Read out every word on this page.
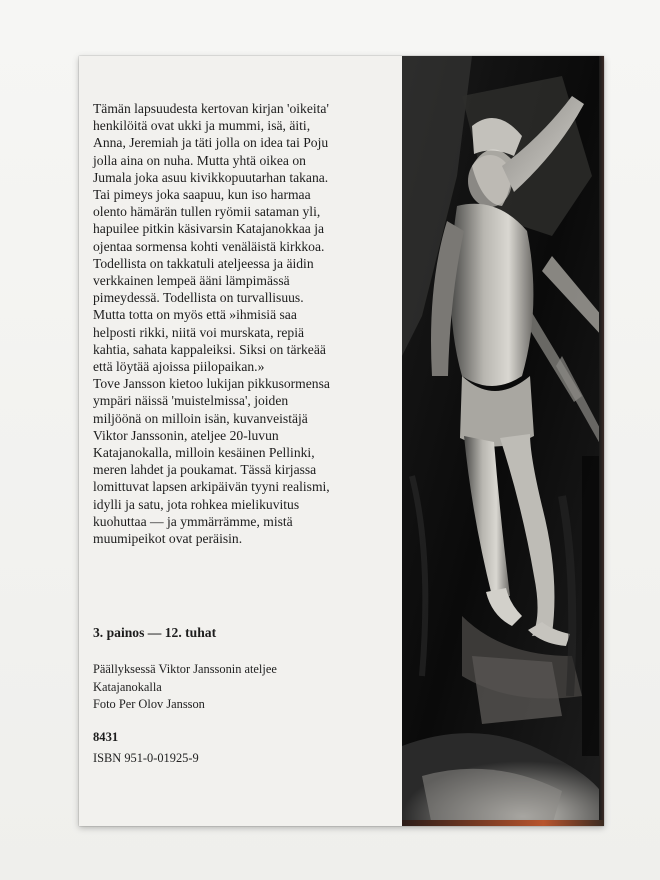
Tämän lapsuudesta kertovan kirjan 'oikeita'
henkilöitä ovat ukki ja mummi, isä, äiti,
Anna, Jeremiah ja täti jolla on idea tai Poju
jolla aina on nuha. Mutta yhtä oikea on
Jumala joka asuu kivikkopuutarhan takana.
Tai pimeys joka saapuu, kun iso harmaa
olento hämärän tullen ryömii sataman yli,
hapuilee pitkin käsivarsin Katajanokkaa ja
ojentaa sormensa kohti venäläistä kirkkoa.
Todellista on takkatuli ateljeessa ja äidin
verkkainen lempeä ääni lämpimässä
pimeydessä. Todellista on turvallisuus.
Mutta totta on myös että »ihmisiä saa
helposti rikki, niitä voi murskata, repiä
kahtia, sahata kappaleiksi. Siksi on tärkeää
että löytää ajoissa piilopaikan.»
Tove Jansson kietoo lukijan pikkusormensa
ympäri näissä 'muistelmissa', joiden
miljöönä on milloin isän, kuvanveistäjä
Viktor Janssonin, ateljee 20-luvun
Katajanokalla, milloin kesäinen Pellinki,
meren lahdet ja poukamat. Tässä kirjassa
lomittuvat lapsen arkipäivän tyyni realismi,
idylli ja satu, jota rohkea mielikuvitus
kuohuttaa — ja ymmärrämme, mistä
muumipeikot ovat peräisin.
3. painos — 12. tuhat
Päällyksessä Viktor Janssonin ateljee
Katajanokalla
Foto Per Olov Jansson
8431
ISBN 951-0-01925-9
